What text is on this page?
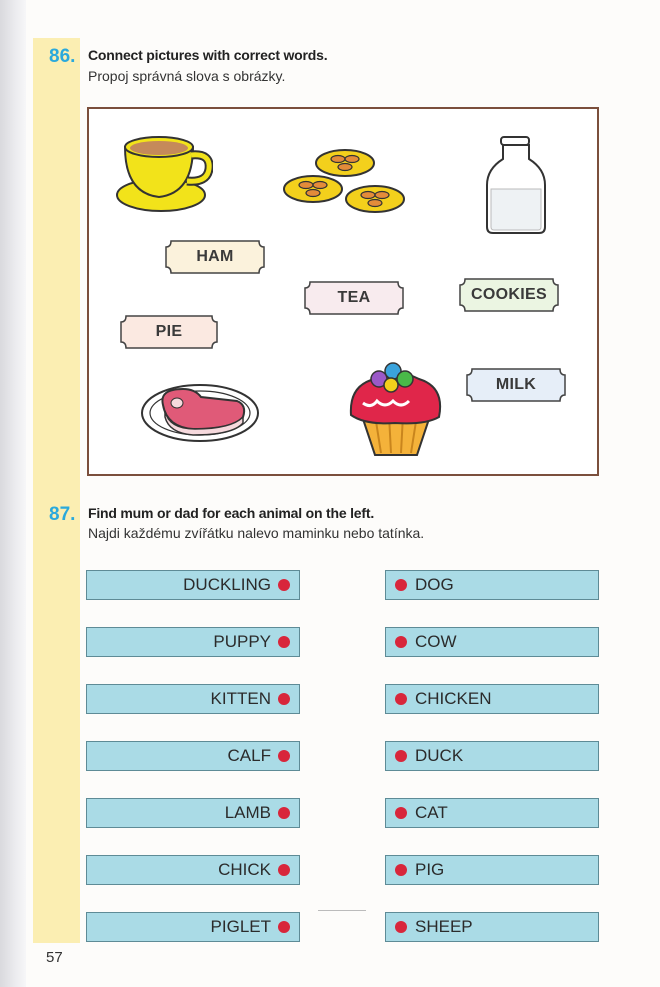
86. Connect pictures with correct words.
Propoj správná slova s obrázky.
HAM
TEA	COOKIES
PIE
MILK
87. Find mum or dad for each animal on the left.
Najdi každému zvířátku nalevo maminku nebo tatínka.
DUCKLING
PUPPY
KITTEN
CALF
LAMB
CHICK
PIGLET
DOG
COW
CHICKEN
DUCK
CAT
PIG
SHEEP
57
